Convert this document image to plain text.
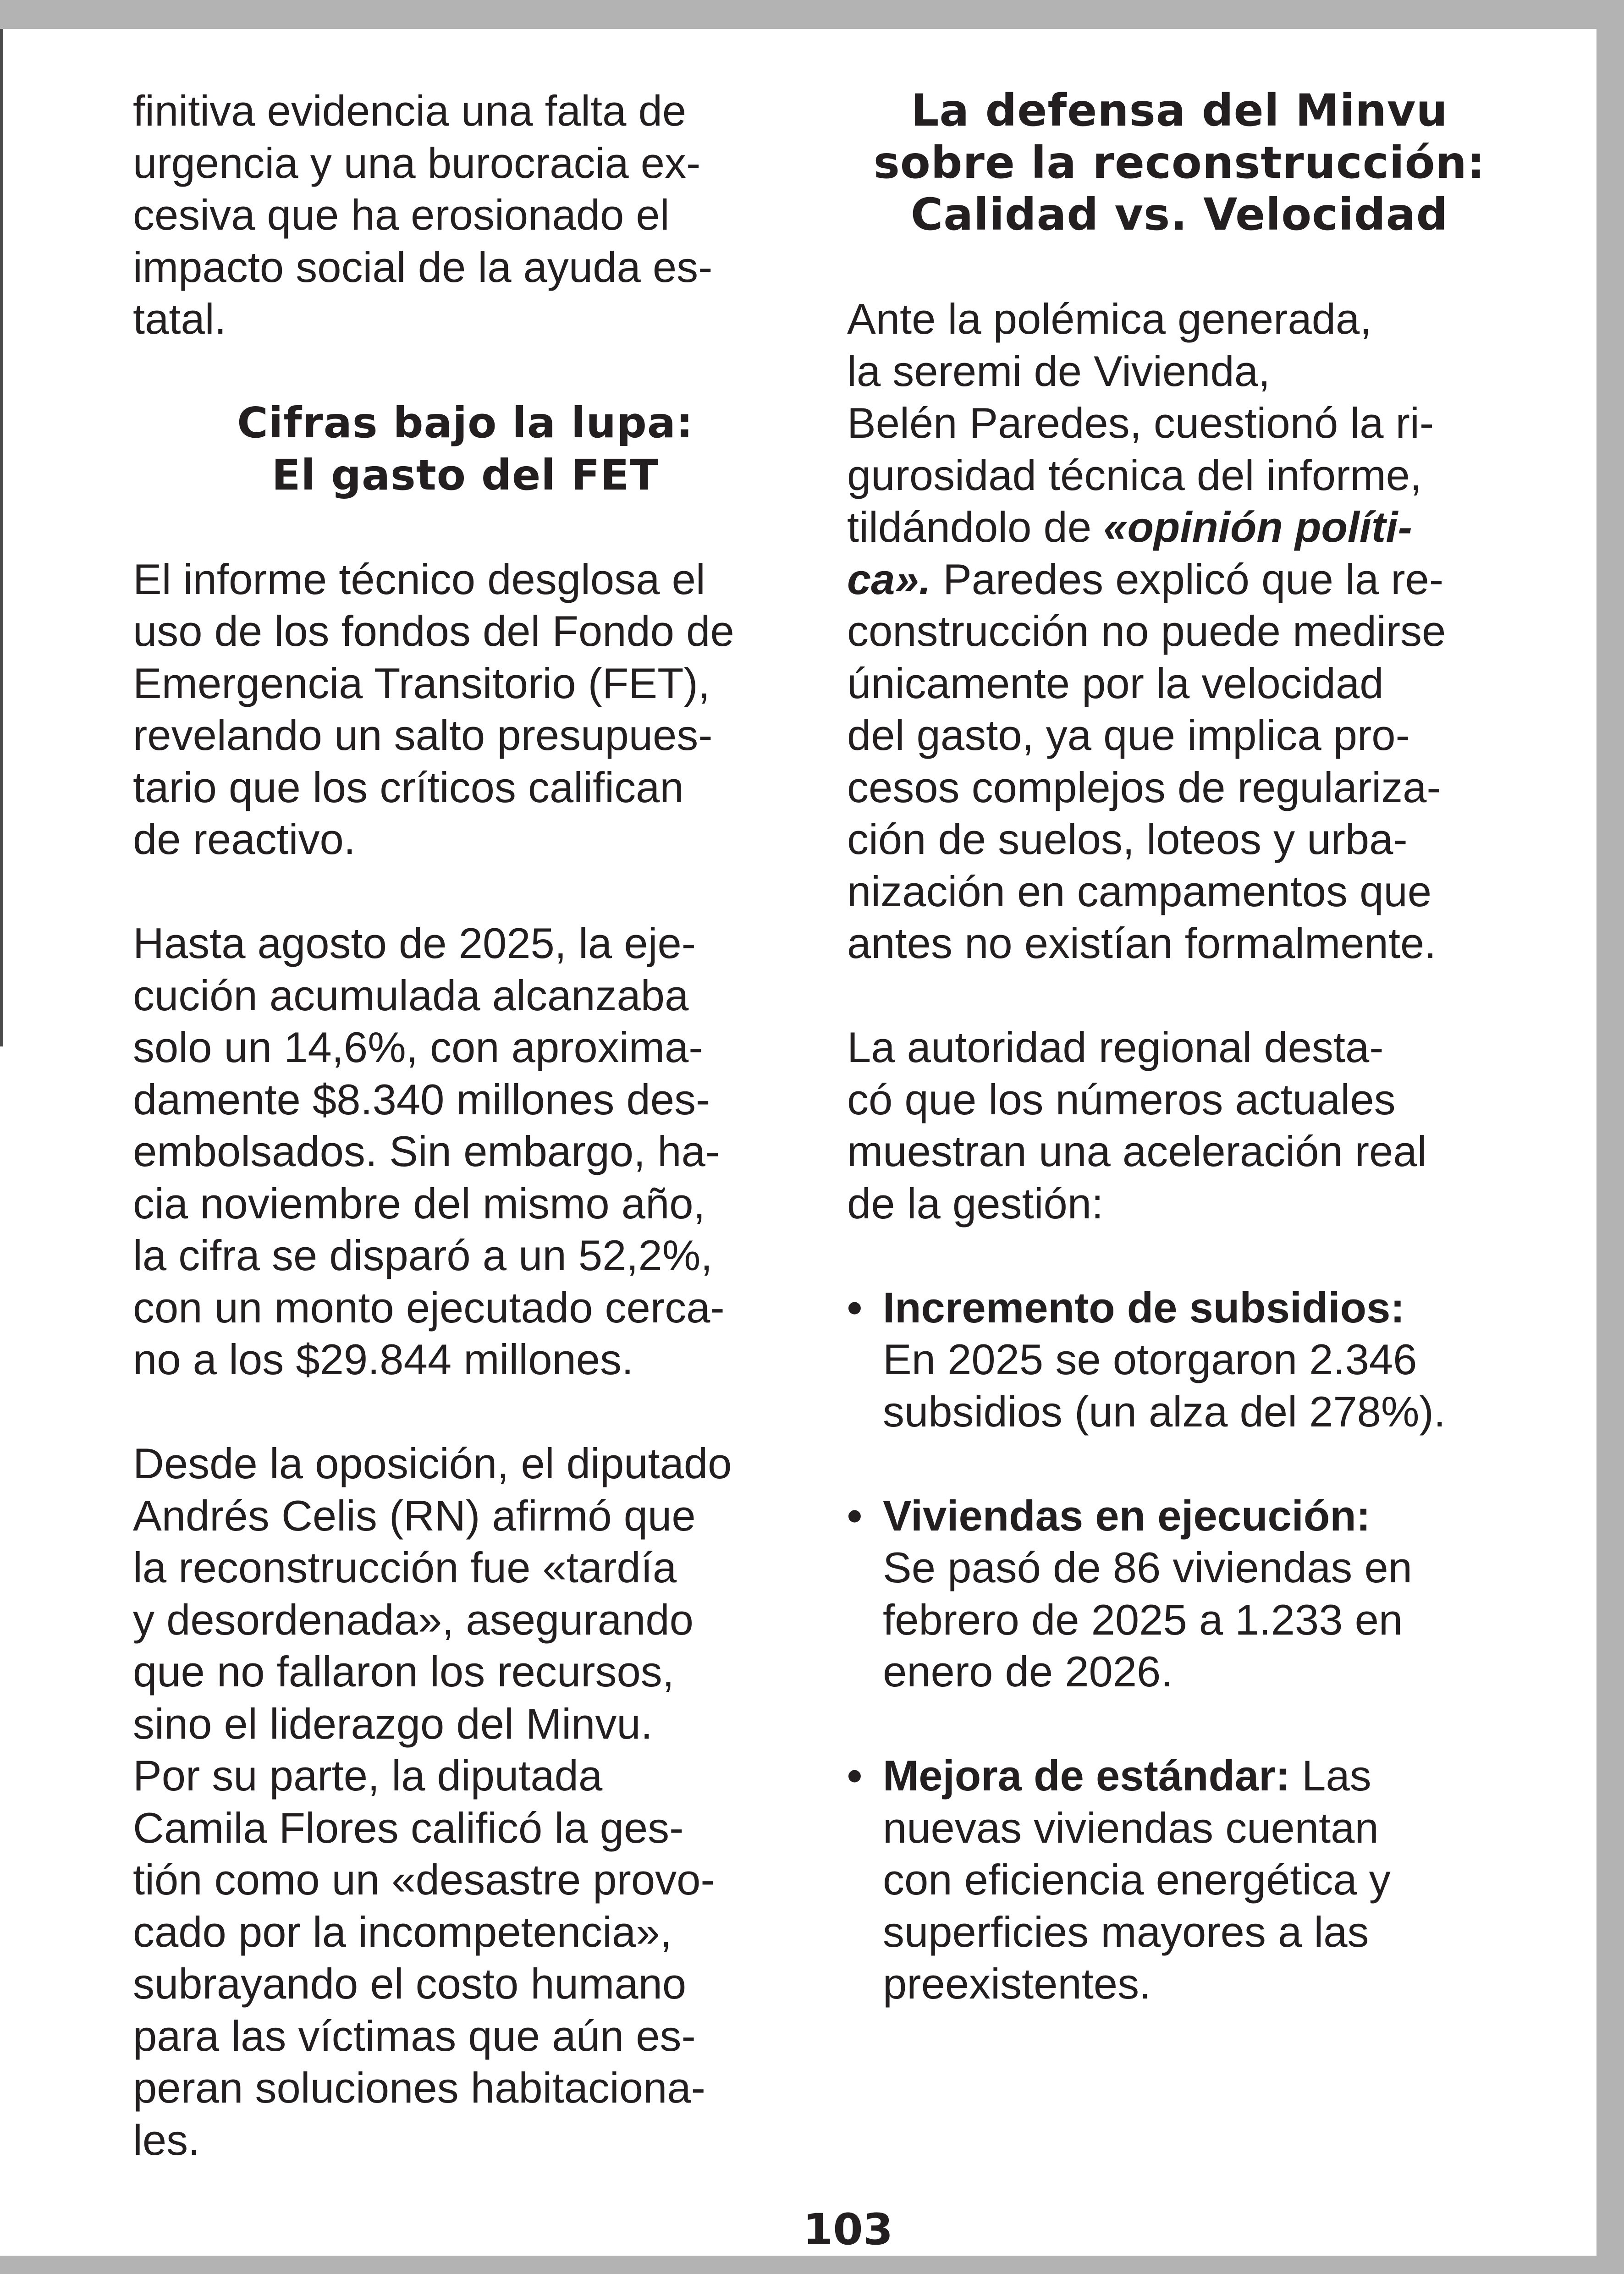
finitiva evidencia una falta de
urgencia y una burocracia ex-
cesiva que ha erosionado el
impacto social de la ayuda es-
tatal.

Cifras bajo la lupa:
El gasto del FET

El informe técnico desglosa el
uso de los fondos del Fondo de
Emergencia Transitorio (FET),
revelando un salto presupues-
tario que los críticos califican
de reactivo.

Hasta agosto de 2025, la eje-
cución acumulada alcanzaba
solo un 14,6%, con aproxima-
damente $8.340 millones des-
embolsados. Sin embargo, ha-
cia noviembre del mismo año,
la cifra se disparó a un 52,2%,
con un monto ejecutado cerca-
no a los $29.844 millones.

Desde la oposición, el diputado
Andrés Celis (RN) afirmó que
la reconstrucción fue «tardía
y desordenada», asegurando
que no fallaron los recursos,
sino el liderazgo del Minvu.
Por su parte, la diputada
Camila Flores calificó la ges-
tión como un «desastre provo-
cado por la incompetencia»,
subrayando el costo humano
para las víctimas que aún es-
peran soluciones habitaciona-
les.

La defensa del Minvu
sobre la reconstrucción:
Calidad vs. Velocidad

Ante la polémica generada,
la seremi de Vivienda,
Belén Paredes, cuestionó la ri-
gurosidad técnica del informe,
tildándolo de «opinión políti-
ca». Paredes explicó que la re-
construcción no puede medirse
únicamente por la velocidad
del gasto, ya que implica pro-
cesos complejos de regulariza-
ción de suelos, loteos y urba-
nización en campamentos que
antes no existían formalmente.

La autoridad regional desta-
có que los números actuales
muestran una aceleración real
de la gestión:

• Incremento de subsidios:
En 2025 se otorgaron 2.346
subsidios (un alza del 278%).
• Viviendas en ejecución:
Se pasó de 86 viviendas en
febrero de 2025 a 1.233 en
enero de 2026.
• Mejora de estándar: Las
nuevas viviendas cuentan
con eficiencia energética y
superficies mayores a las
preexistentes.
103
